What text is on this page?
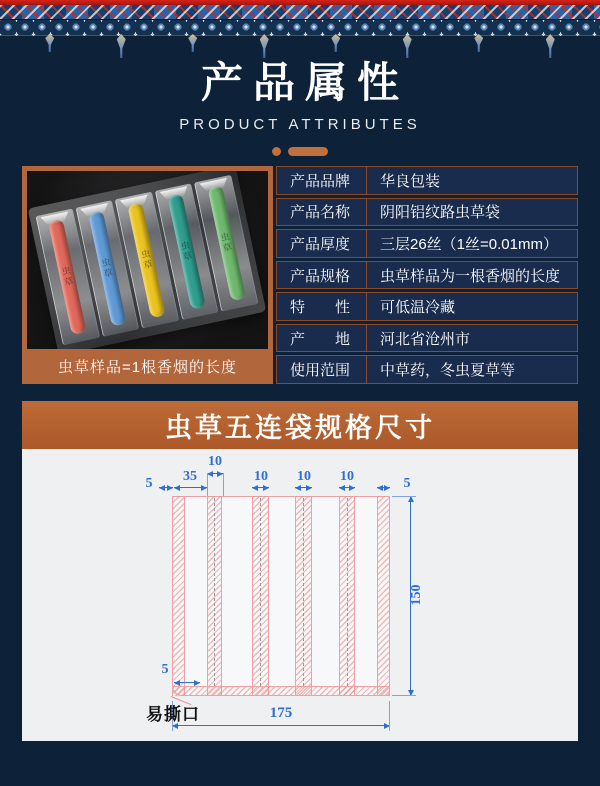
产品属性
PRODUCT ATTRIBUTES
虫草	虫草	虫草	虫草	虫草
虫草样品=1根香烟的长度
产品品牌	华良包装
产品名称	阴阳铝纹路虫草袋
产品厚度	三层26丝（1丝=0.01mm）
产品规格	虫草样品为一根香烟的长度
特　　性	可低温冷藏
产　　地	河北省沧州市
使用范围	中草药，冬虫夏草等
虫草五连袋规格尺寸
10
5	35	10	10	10	5
150
5
175
易撕口
